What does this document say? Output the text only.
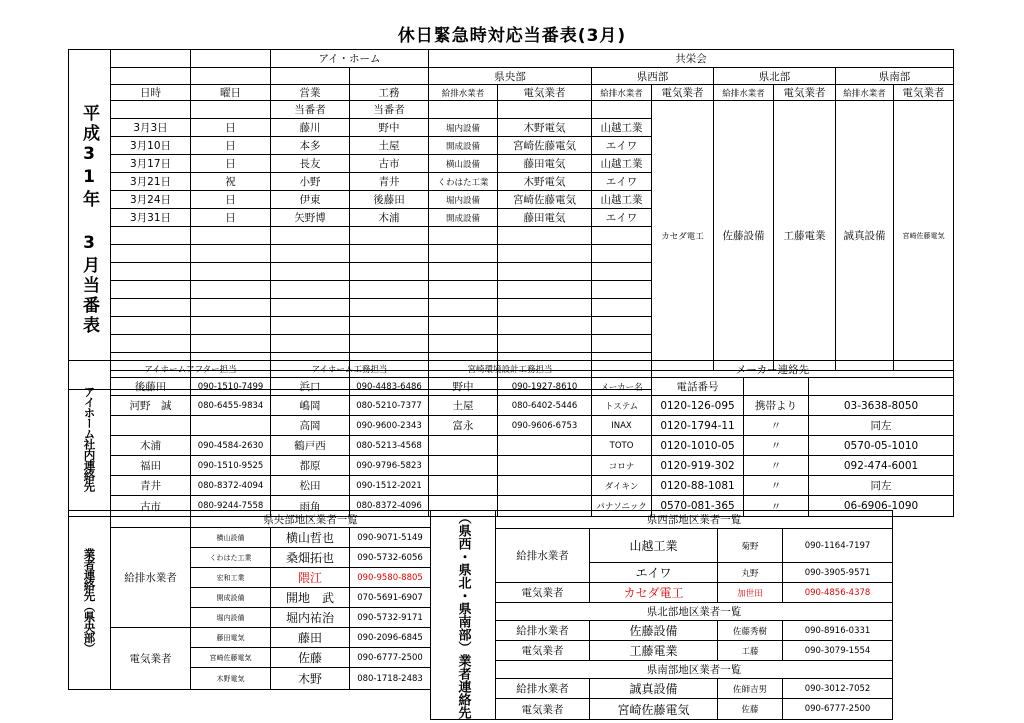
休日緊急時対応当番表(3月)
平成31年 3月当番表			アイ・ホーム		共栄会							
					県央部		県西部		県北部		県南部	
	日時	曜日	営業	工務	給排水業者	電気業者	給排水業者	電気業者	給排水業者	電気業者	給排水業者	電気業者
			当番者	当番者				カセダ電工	佐藤設備	工藤電業	誠真設備	宮崎佐藤電気
	3月3日	日	藤川	野中	堀内設備	木野電気	山越工業					
	3月10日	日	本多	土屋	開成設備	宮崎佐藤電気	エイワ					
	3月17日	日	長友	古市	横山設備	藤田電気	山越工業					
	3月21日	祝	小野	青井	くわはた工業	木野電気	エイワ					
	3月24日	日	伊東	後藤田	堀内設備	宮崎佐藤電気	山越工業					
	3月31日	日	矢野博	木浦	開成設備	藤田電気	エイワ					

アイホーム社内連絡先	アイホームアフター担当		アイホーム工務担当		宮崎環境設計工務担当		メーカー連絡先			
	後藤田	090-1510-7499	浜口	090-4483-6486	野中	090-1927-8610	メーカー名	電話番号		
	河野　誠	080-6455-9834	嶋岡	080-5210-7377	土屋	080-6402-5446	トステム	0120-126-095	携帯より	03-3638-8050
			高岡	090-9600-2343	富永	090-9606-6753	INAX	0120-1794-11	〃	同左
	木浦	090-4584-2630	鶴戸西	080-5213-4568			TOTO	0120-1010-05	〃	0570-05-1010
	福田	090-1510-9525	都原	090-9796-5823			コロナ	0120-919-302	〃	092-474-6001
	青井	080-8372-4094	松田	090-1512-2021			ダイキン	0120-88-1081	〃	同左
	古市	080-9244-7558	雨角	080-8372-4096			パナソニック	0570-081-365	〃	06-6906-1090
業者連絡先（県央部）		県央部地区業者一覧		
	給排水業者	横山設備	横山哲也	090-9071-5149
		くわはた工業	桑畑拓也	090-5732-6056
		宏和工業	隈江	090-9580-8805
		開成設備	開地　武	070-5691-6907
		堀内設備	堀内祐治	090-5732-9171
	電気業者	藤田電気	藤田	090-2096-6845
		宮崎佐藤電気	佐藤	090-6777-2500
		木野電気	木野	080-1718-2483	（県西・県北・県南部）業者連絡先	県西部地区業者一覧			
	給排水業者	山越工業	菊野	090-1164-7197
		エイワ	丸野	090-3905-9571
	電気業者	カセダ電工	加世田	090-4856-4378
	県北部地区業者一覧			
	給排水業者	佐藤設備	佐藤秀樹	090-8916-0331
	電気業者	工藤電業	工藤	090-3079-1554
	県南部地区業者一覧			
	給排水業者	誠真設備	佐師吉男	090-3012-7052
	電気業者	宮崎佐藤電気	佐藤	090-6777-2500
